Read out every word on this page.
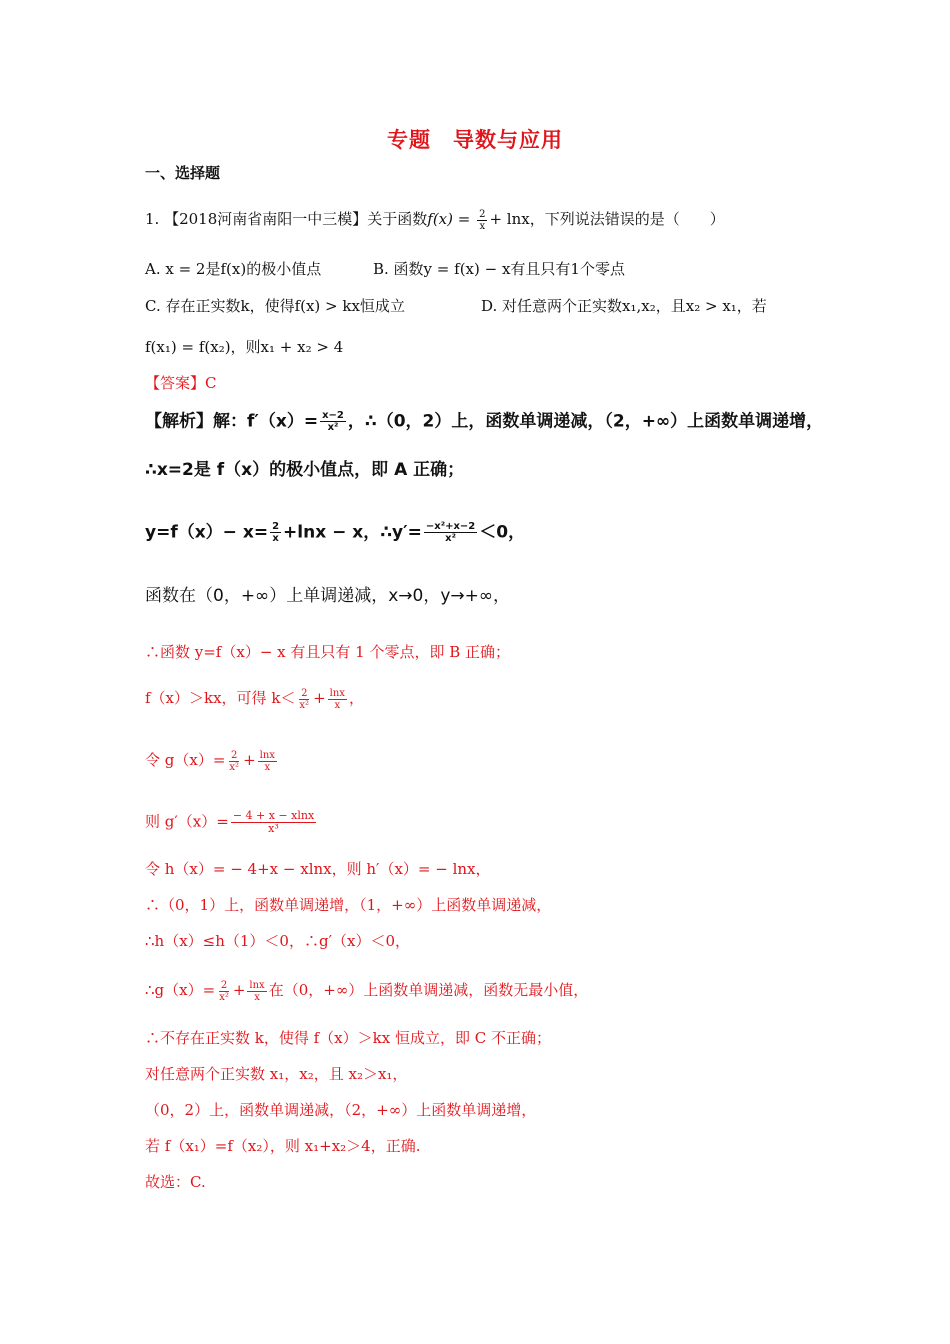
专题　导数与应用
一、选择题
1. 【2018河南省南阳一中三模】关于函数$f(x) = \frac{2}{x} + \ln x$，下列说法错误的是（　　）
A. x = 2是f(x)的极小值点	B. 函数y = f(x) − x有且只有1个零点
C. 存在正实数k，使得f(x) > kx恒成立	D. 对任意两个正实数x₁,x₂，且x₂ > x₁，若
f(x₁) = f(x₂)，则x₁ + x₂ > 4
【答案】C
【解析】解：$f'(x)= \frac{x-2}{\text{x²}}$ ，∴（0，2）上，函数单调递减，（2，+∞）上函数单调递增，
∴x=2是 f（x）的极小值点，即 A 正确；
$y=f(x)- x= \frac{2}{x} +\ln x - x$，∴y′= $\frac{\text{−x²+x−2}}{\text{x²}} <0$，
函数在（0，+∞）上单调递减，x→0，y→+∞，
∴函数 y=f（x）− x 有且只有 1 个零点，即 B 正确；
f（x）＞kx，可得 $k< \frac{2}{\text{x²}} + \frac{\ln x}{x}$ ，
令 $g(x)= \frac{2}{\text{x²}} + \frac{\ln x}{x}$
则 $g'(x)= \frac{- 4 + x - xlnx}{\text{x³}}$
令 h（x）= − 4+x − xlnx，则 h′（x）= − lnx，
∴（0，1）上，函数单调递增，（1，+∞）上函数单调递减，
∴h（x）≤h（1）＜0，∴g′（x）＜0，
∴g（x）= $\frac{2}{\text{x²}} + \frac{\ln x}{x}$ 在（0，+∞）上函数单调递减，函数无最小值，
∴不存在正实数 k，使得 f（x）＞kx 恒成立，即 C 不正确；
对任意两个正实数 x₁，x₂，且 x₂＞x₁，
（0，2）上，函数单调递减，（2，+∞）上函数单调递增，
若 f（x₁）=f（x₂），则 x₁+x₂＞4，正确.
故选：C.
